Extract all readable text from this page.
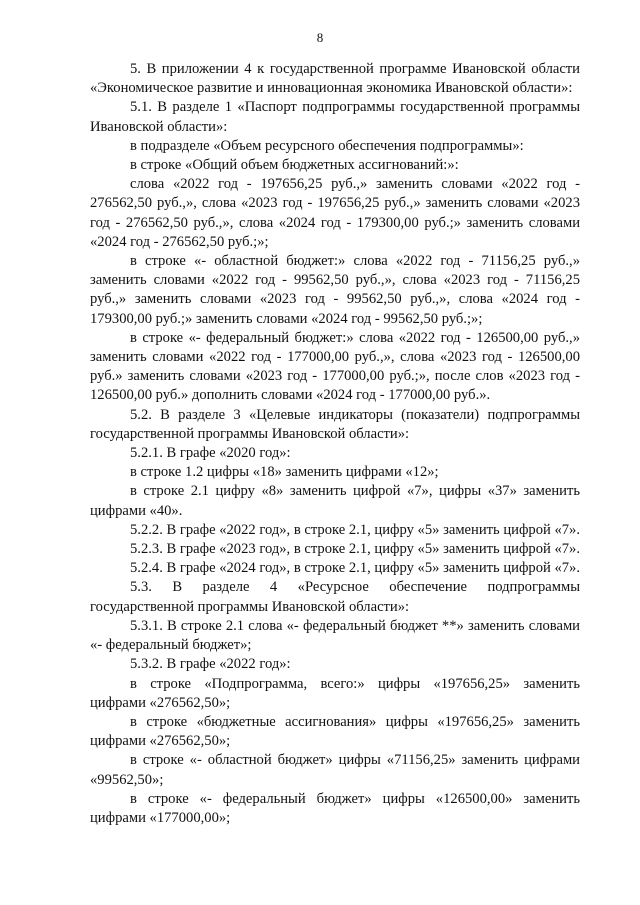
8

5. В приложении 4 к государственной программе Ивановской области «Экономическое развитие и инновационная экономика Ивановской области»:

5.1. В разделе 1 «Паспорт подпрограммы государственной программы Ивановской области»:

в подразделе «Объем ресурсного обеспечения подпрограммы»:

в строке «Общий объем бюджетных ассигнований:»:

слова «2022 год - 197656,25 руб.,» заменить словами «2022 год - 276562,50 руб.,», слова «2023 год - 197656,25 руб.,» заменить словами «2023 год - 276562,50 руб.,», слова «2024 год - 179300,00 руб.;» заменить словами «2024 год - 276562,50 руб.;»;

в строке «- областной бюджет:» слова «2022 год - 71156,25 руб.,» заменить словами «2022 год - 99562,50 руб.,», слова «2023 год - 71156,25 руб.,» заменить словами «2023 год - 99562,50 руб.,», слова «2024 год - 179300,00 руб.;» заменить словами «2024 год - 99562,50 руб.;»;

в строке «- федеральный бюджет:» слова «2022 год - 126500,00 руб.,» заменить словами «2022 год - 177000,00 руб.,», слова «2023 год - 126500,00 руб.» заменить словами «2023 год - 177000,00 руб.;», после слов «2023 год - 126500,00 руб.» дополнить словами «2024 год - 177000,00 руб.».

5.2. В разделе 3 «Целевые индикаторы (показатели) подпрограммы государственной программы Ивановской области»:

5.2.1. В графе «2020 год»:

в строке 1.2 цифры «18» заменить цифрами «12»;

в строке 2.1 цифру «8» заменить цифрой «7», цифры «37» заменить цифрами «40».

5.2.2. В графе «2022 год», в строке 2.1, цифру «5» заменить цифрой «7».

5.2.3. В графе «2023 год», в строке 2.1, цифру «5» заменить цифрой «7».

5.2.4. В графе «2024 год», в строке 2.1, цифру «5» заменить цифрой «7».

5.3. В разделе 4 «Ресурсное обеспечение подпрограммы государственной программы Ивановской области»:

5.3.1. В строке 2.1 слова «- федеральный бюджет **» заменить словами «- федеральный бюджет»;

5.3.2. В графе «2022 год»:

в строке «Подпрограмма, всего:» цифры «197656,25» заменить цифрами «276562,50»;

в строке «бюджетные ассигнования» цифры «197656,25» заменить цифрами «276562,50»;

в строке «- областной бюджет» цифры «71156,25» заменить цифрами «99562,50»;

в строке «- федеральный бюджет» цифры «126500,00» заменить цифрами «177000,00»;
